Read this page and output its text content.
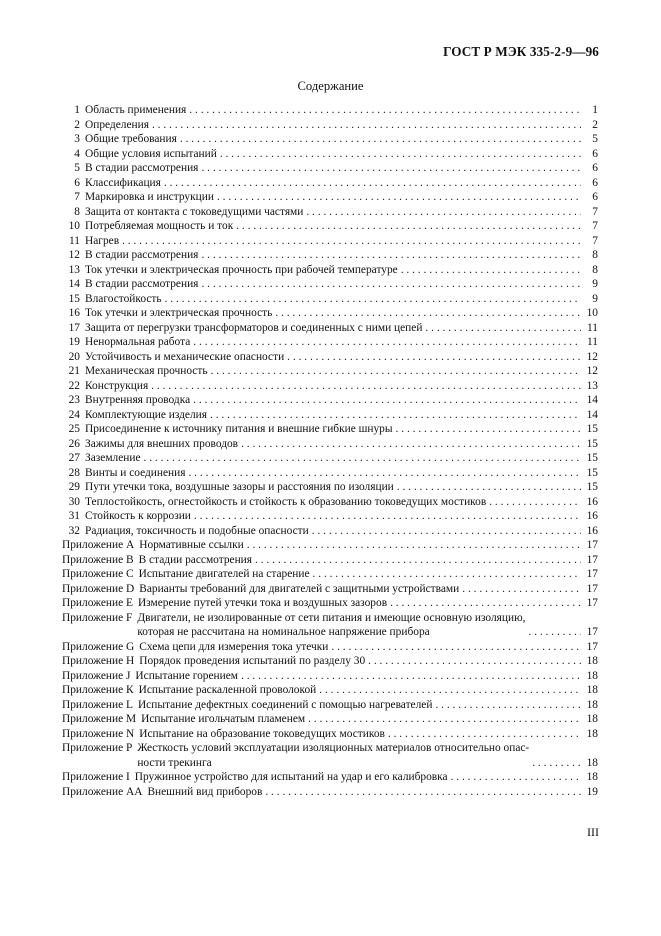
ГОСТ Р МЭК 335-2-9—96
Содержание
1 Область применения . . .	1
2 Определения . . .	2
3 Общие требования . . .	5
4 Общие условия испытаний . . .	6
5 В стадии рассмотрения . . .	6
6 Классификация . . .	6
7 Маркировка и инструкции . . .	6
8 Защита от контакта с токоведущими частями . . .	7
10 Потребляемая мощность и ток . . .	7
11 Нагрев . . .	7
12 В стадии рассмотрения . . .	8
13 Ток утечки и электрическая прочность при рабочей температуре . . .	8
14 В стадии рассмотрения . . .	9
15 Влагостойкость . . .	9
16 Ток утечки и электрическая прочность . . .	10
17 Защита от перегрузки трансформаторов и соединенных с ними цепей . . .	11
19 Ненормальная работа . . .	11
20 Устойчивость и механические опасности . . .	12
21 Механическая прочность . . .	12
22 Конструкция . . .	13
23 Внутренняя проводка . . .	14
24 Комплектующие изделия . . .	14
25 Присоединение к источнику питания и внешние гибкие шнуры . . .	15
26 Зажимы для внешних проводов . . .	15
27 Заземление . . .	15
28 Винты и соединения . . .	15
29 Пути утечки тока, воздушные зазоры и расстояния по изоляции . . .	15
30 Теплостойкость, огнестойкость и стойкость к образованию токоведущих мостиков . . .	16
31 Стойкость к коррозии . . .	16
32 Радиация, токсичность и подобные опасности . . .	16
Приложение А Нормативные ссылки . . .	17
Приложение В В стадии рассмотрения . . .	17
Приложение С Испытание двигателей на старение . . .	17
Приложение D Варианты требований для двигателей с защитными устройствами . . .	17
Приложение Е Измерение путей утечки тока и воздушных зазоров . . .	17
Приложение F Двигатели, не изолированные от сети питания и имеющие основную изоляцию,
которая не рассчитана на номинальное напряжение прибора . . .	17
Приложение G Схема цепи для измерения тока утечки . . .	17
Приложение Н Порядок проведения испытаний по разделу 30 . . .	18
Приложение J Испытание горением . . .	18
Приложение К Испытание раскаленной проволокой . . .	18
Приложение L Испытание дефектных соединений с помощью нагревателей . . .	18
Приложение М Испытание игольчатым пламенем . . .	18
Приложение N Испытание на образование токоведущих мостиков . . .	18
Приложение Р Жесткость условий эксплуатации изоляционных материалов относительно опас-
ности трекинга . . .	18
Приложение I Пружинное устройство для испытаний на удар и его калибровка . . .	18
Приложение АА Внешний вид приборов . . .	19
III
